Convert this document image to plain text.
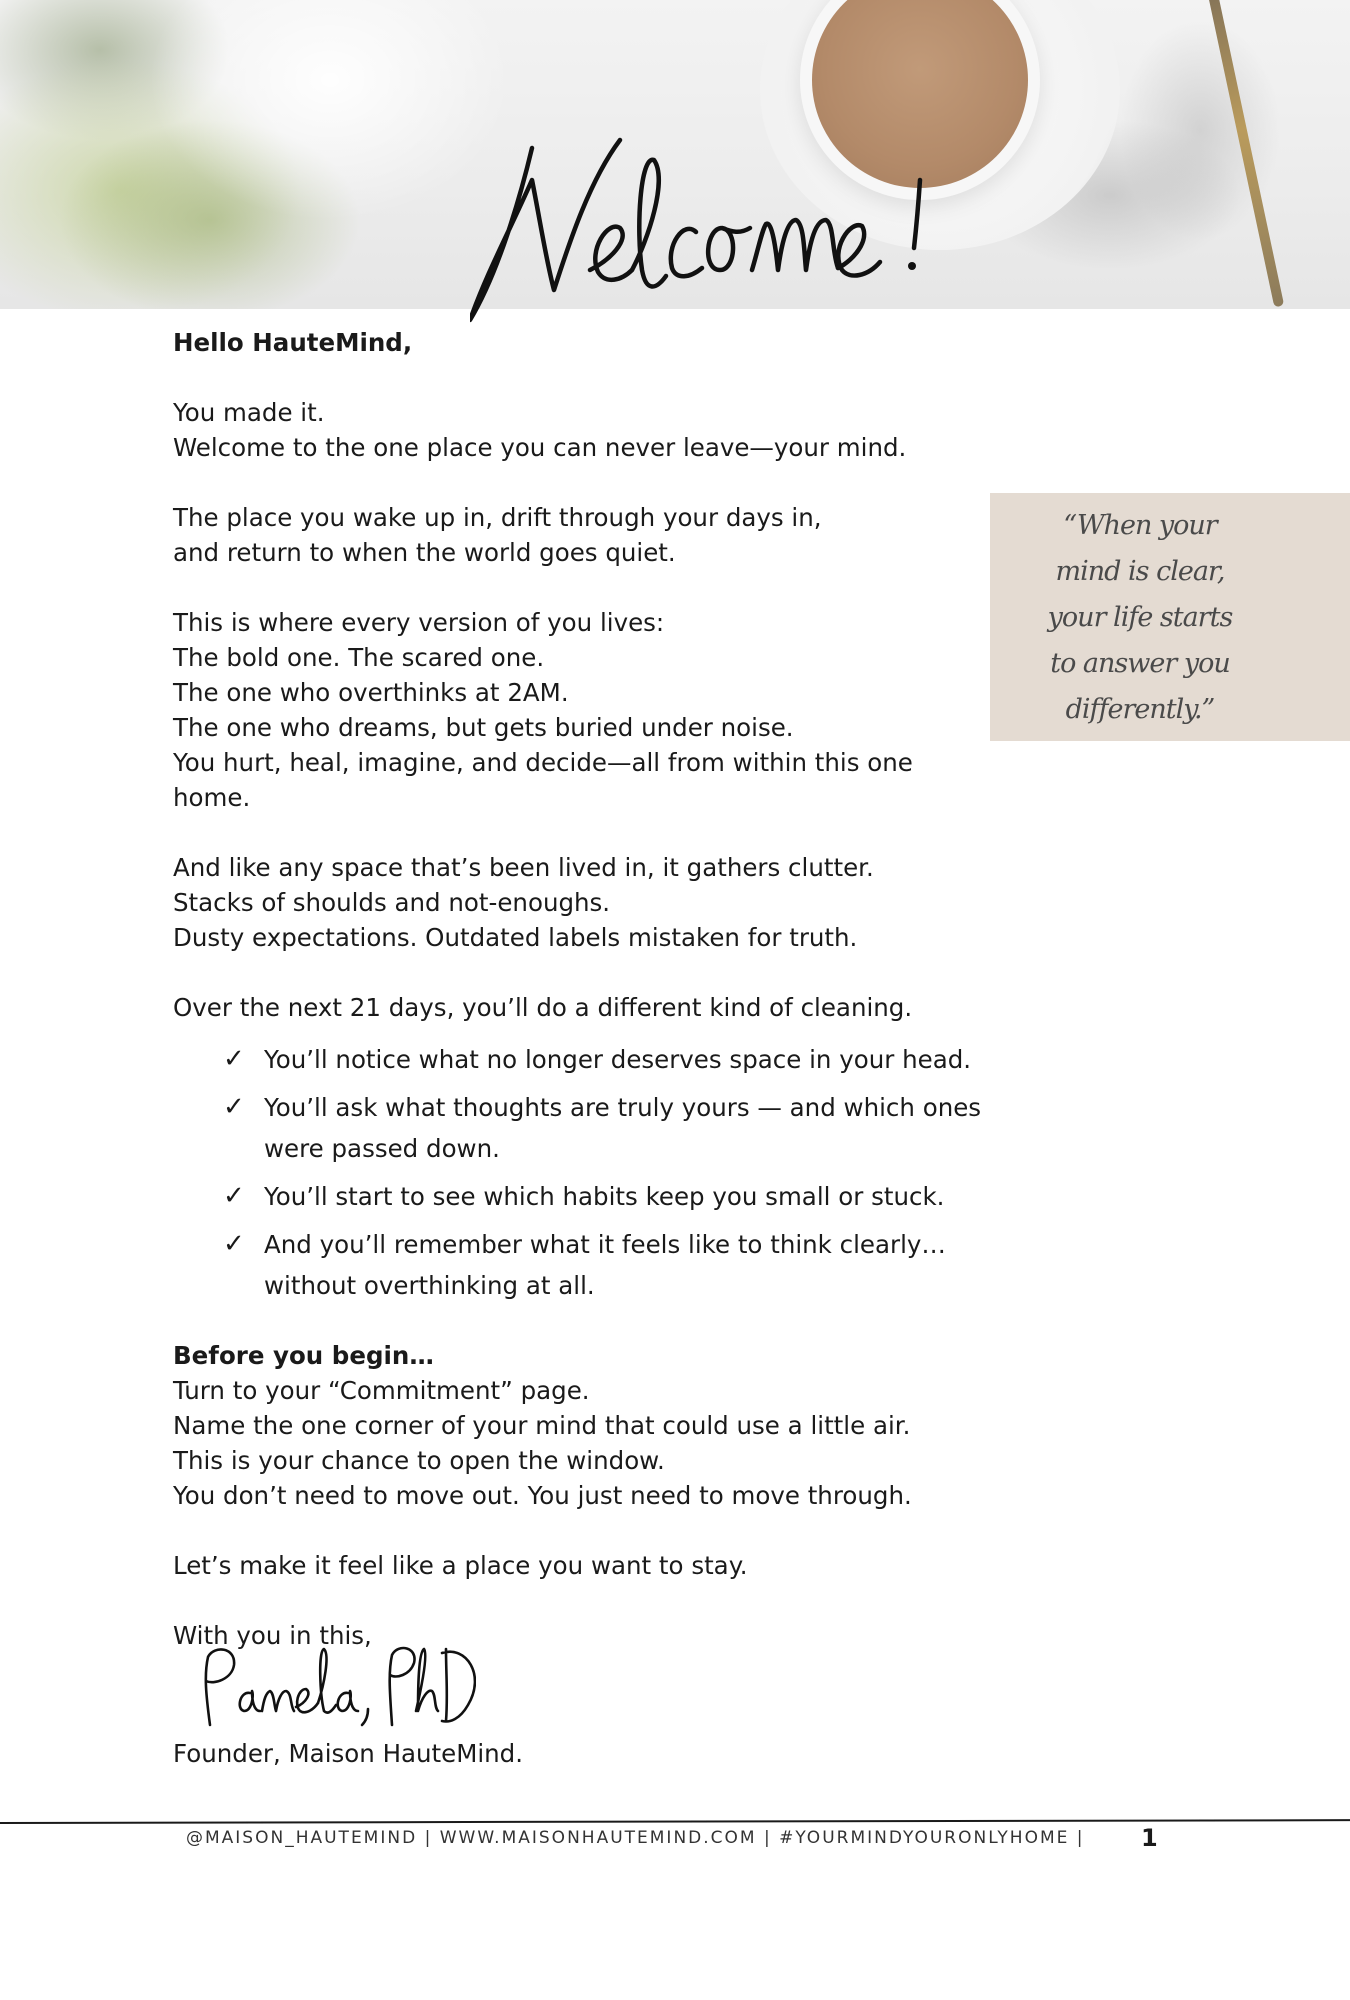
Hello HauteMind,

You made it.

Welcome to the one place you can never leave—your mind.

The place you wake up in, drift through your days in,

and return to when the world goes quiet.

This is where every version of you lives:

The bold one. The scared one.

The one who overthinks at 2AM.

The one who dreams, but gets buried under noise.

You hurt, heal, imagine, and decide—all from within this one home.

And like any space that’s been lived in, it gathers clutter.

Stacks of shoulds and not-enoughs.

Dusty expectations. Outdated labels mistaken for truth.

Over the next 21 days, you’ll do a different kind of cleaning.

✓ You’ll notice what no longer deserves space in your head.
✓ You’ll ask what thoughts are truly yours — and which ones
were passed down.
✓ You’ll start to see which habits keep you small or stuck.
✓ And you’ll remember what it feels like to think clearly…
without overthinking at all.

Before you begin…

Turn to your “Commitment” page.

Name the one corner of your mind that could use a little air.

This is your chance to open the window.

You don’t need to move out. You just need to move through.

Let’s make it feel like a place you want to stay.

With you in this,

Founder, Maison HauteMind.

“When your
mind is clear,
your life starts
to answer you
differently.”
@MAISON_HAUTEMIND | WWW.MAISONHAUTEMIND.COM | #YOURMINDYOURONLYHOME | 1
